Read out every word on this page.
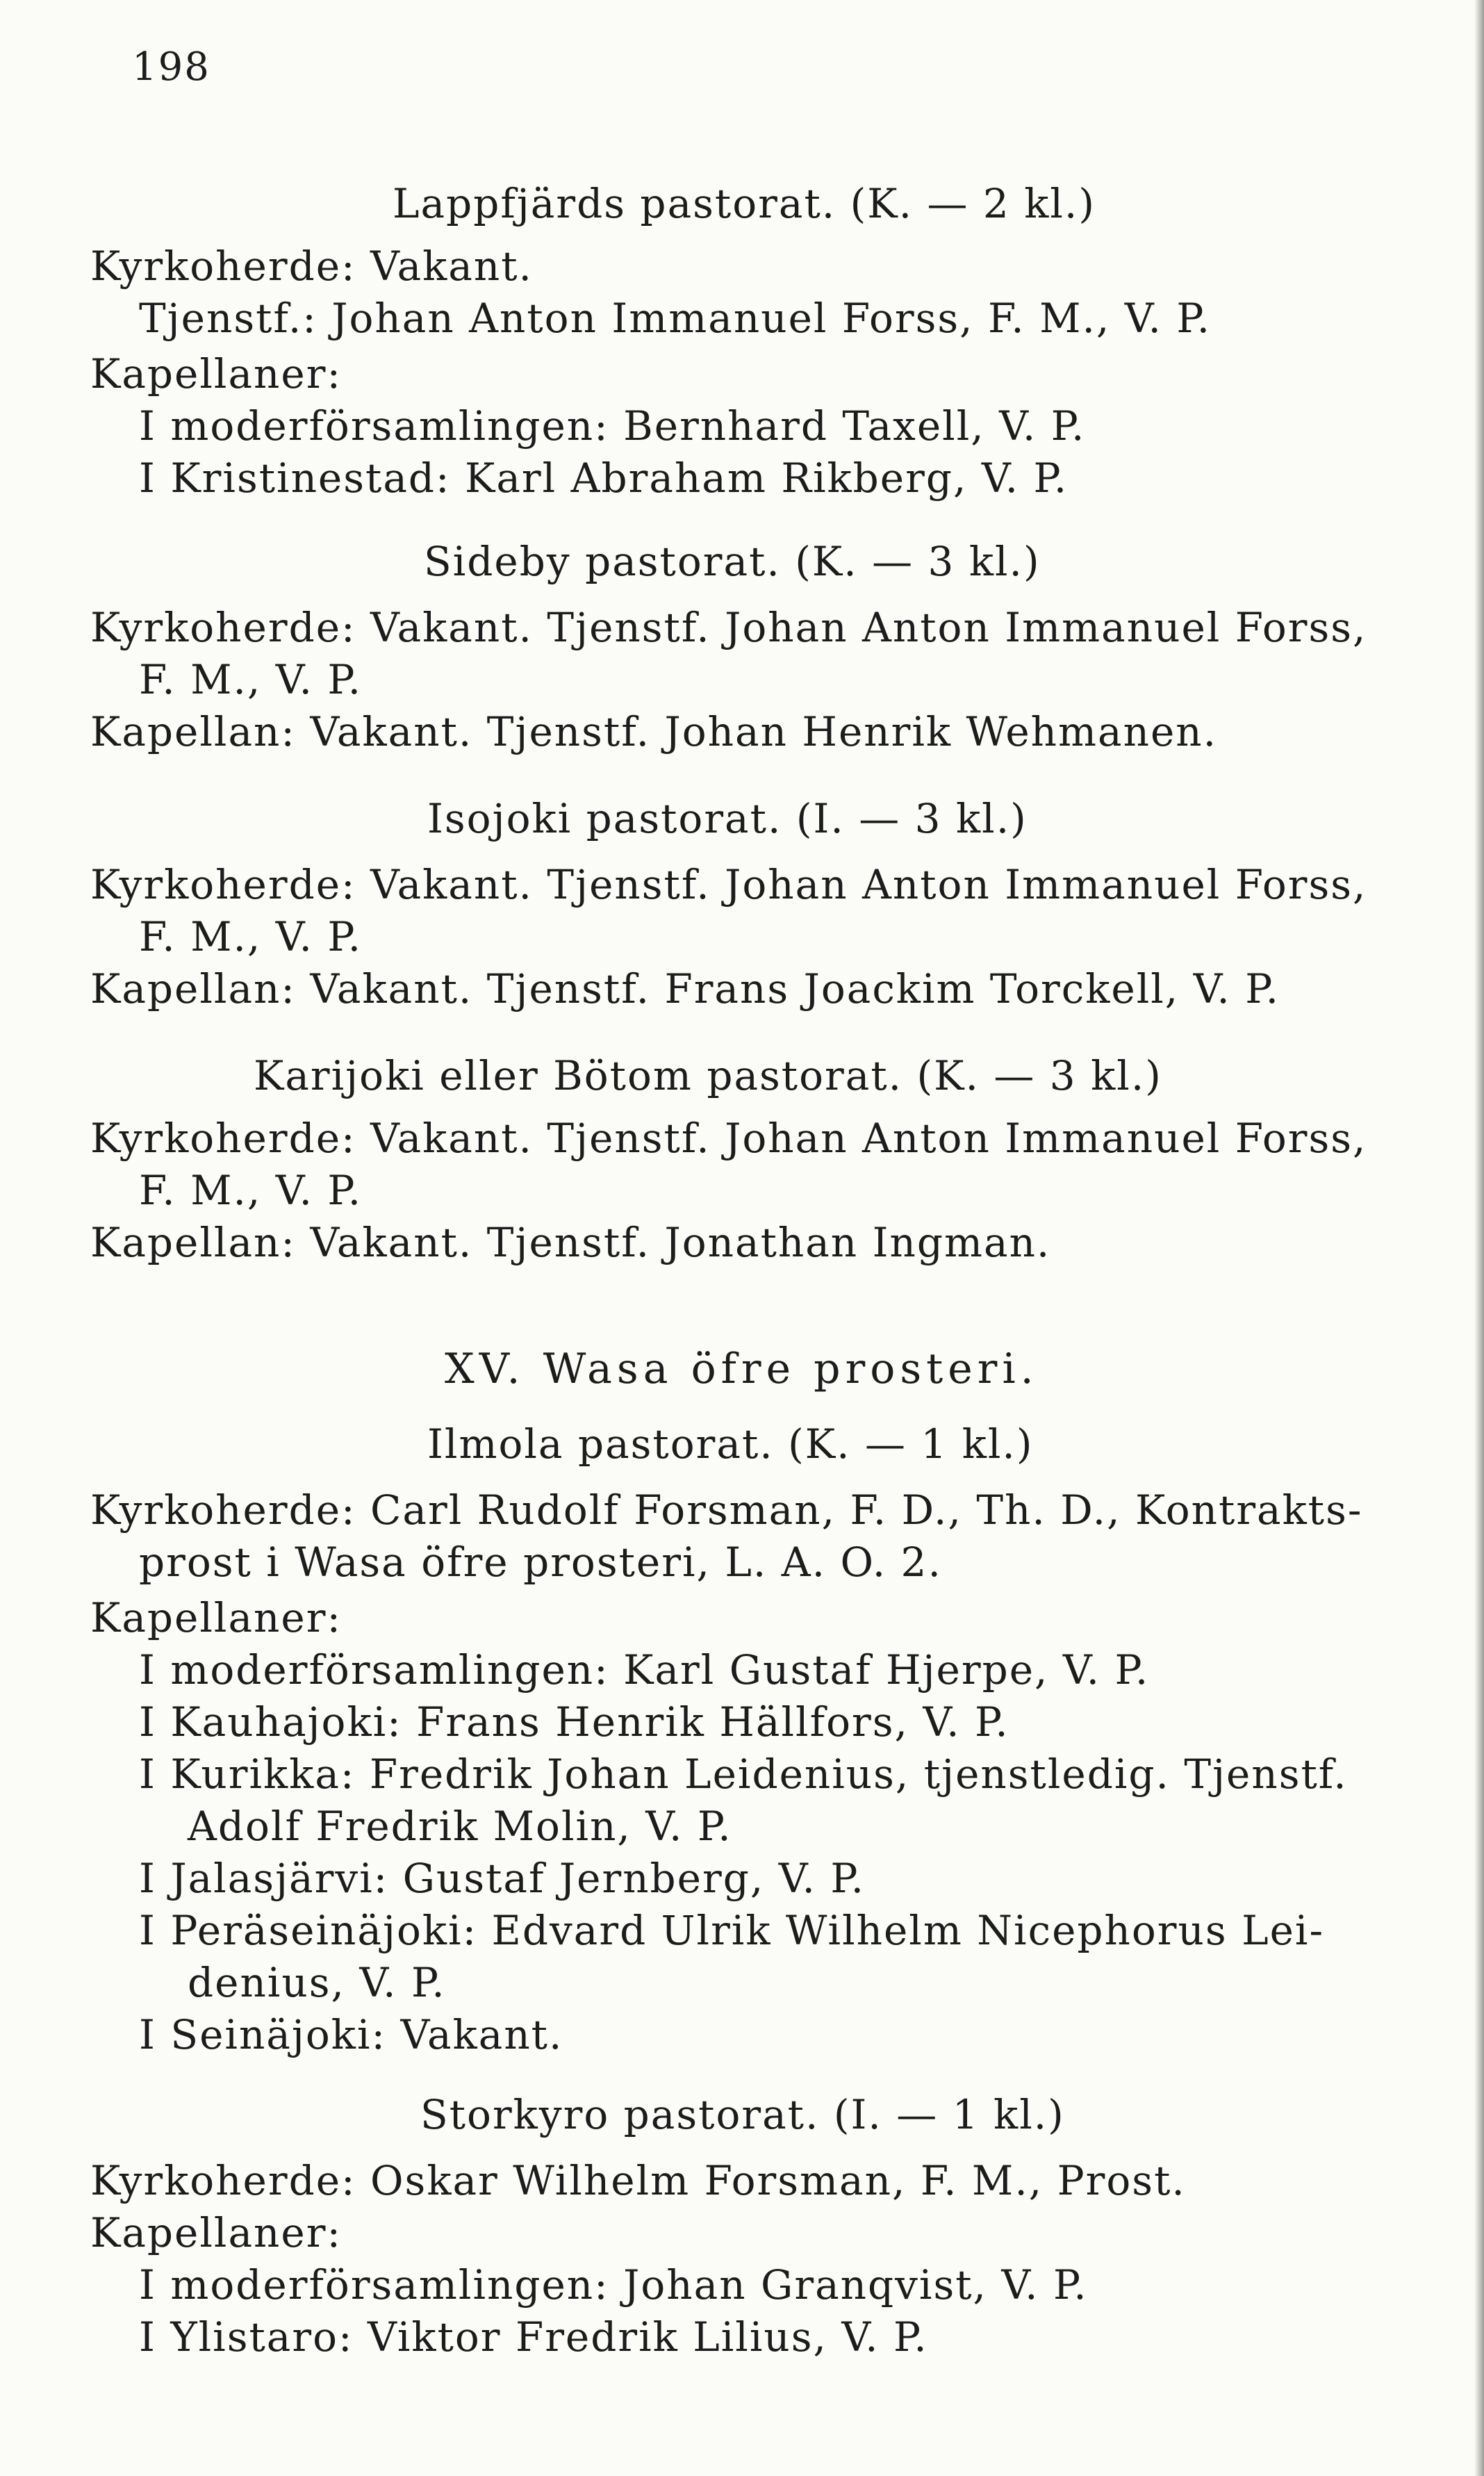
198
Lappfjärds pastorat. (K. — 2 kl.)
Kyrkoherde: Vakant.
Tjenstf.: Johan Anton Immanuel Forss, F. M., V. P.
Kapellaner:
I moderförsamlingen: Bernhard Taxell, V. P.
I Kristinestad: Karl Abraham Rikberg, V. P.
Sideby pastorat. (K. — 3 kl.)
Kyrkoherde: Vakant. Tjenstf. Johan Anton Immanuel Forss,
F. M., V. P.
Kapellan: Vakant. Tjenstf. Johan Henrik Wehmanen.
Isojoki pastorat. (I. — 3 kl.)
Kyrkoherde: Vakant. Tjenstf. Johan Anton Immanuel Forss,
F. M., V. P.
Kapellan: Vakant. Tjenstf. Frans Joackim Torckell, V. P.
Karijoki eller Bötom pastorat. (K. — 3 kl.)
Kyrkoherde: Vakant. Tjenstf. Johan Anton Immanuel Forss,
F. M., V. P.
Kapellan: Vakant. Tjenstf. Jonathan Ingman.
Ilmola pastorat. (K. — 1 kl.)
Kyrkoherde: Carl Rudolf Forsman, F. D., Th. D., Kontrakts-
prost i Wasa öfre prosteri, L. A. O. 2.
Kapellaner:
I moderförsamlingen: Karl Gustaf Hjerpe, V. P.
I Kauhajoki: Frans Henrik Hällfors, V. P.
I Kurikka: Fredrik Johan Leidenius, tjenstledig. Tjenstf.
Adolf Fredrik Molin, V. P.
I Jalasjärvi: Gustaf Jernberg, V. P.
I Peräseinäjoki: Edvard Ulrik Wilhelm Nicephorus Lei-
denius, V. P.
I Seinäjoki: Vakant.
Storkyro pastorat. (I. — 1 kl.)
Kyrkoherde: Oskar Wilhelm Forsman, F. M., Prost.
Kapellaner:
I moderförsamlingen: Johan Granqvist, V. P.
I Ylistaro: Viktor Fredrik Lilius, V. P.
XV. Wasa öfre prosteri.
